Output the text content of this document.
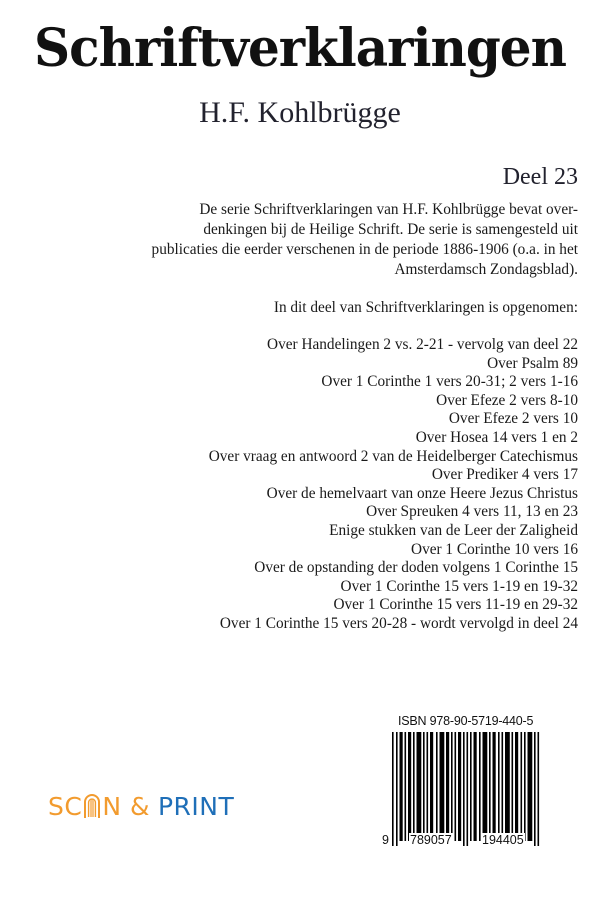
Schriftverklaringen
H.F. Kohlbrügge
Deel 23
De serie Schriftverklaringen van H.F. Kohlbrügge bevat over-
denkingen bij de Heilige Schrift. De serie is samengesteld uit
publicaties die eerder verschenen in de periode 1886-1906 (o.a. in het
Amsterdamsch Zondagsblad).
In dit deel van Schriftverklaringen is opgenomen:
Over Handelingen 2 vs. 2-21 - vervolg van deel 22
Over Psalm 89
Over 1 Corinthe 1 vers 20-31; 2 vers 1-16
Over Efeze 2 vers 8-10
Over Efeze 2 vers 10
Over Hosea 14 vers 1 en 2
Over vraag en antwoord 2 van de Heidelberger Catechismus
Over Prediker 4 vers 17
Over de hemelvaart van onze Heere Jezus Christus
Over Spreuken 4 vers 11, 13 en 23
Enige stukken van de Leer der Zaligheid
Over 1 Corinthe 10 vers 16
Over de opstanding der doden volgens 1 Corinthe 15
Over 1 Corinthe 15 vers 1-19 en 19-32
Over 1 Corinthe 15 vers 11-19 en 29-32
Over 1 Corinthe 15 vers 20-28 - wordt vervolgd in deel 24
SC N & PRINT
ISBN 978-90-5719-440-5
9 789057 194405
